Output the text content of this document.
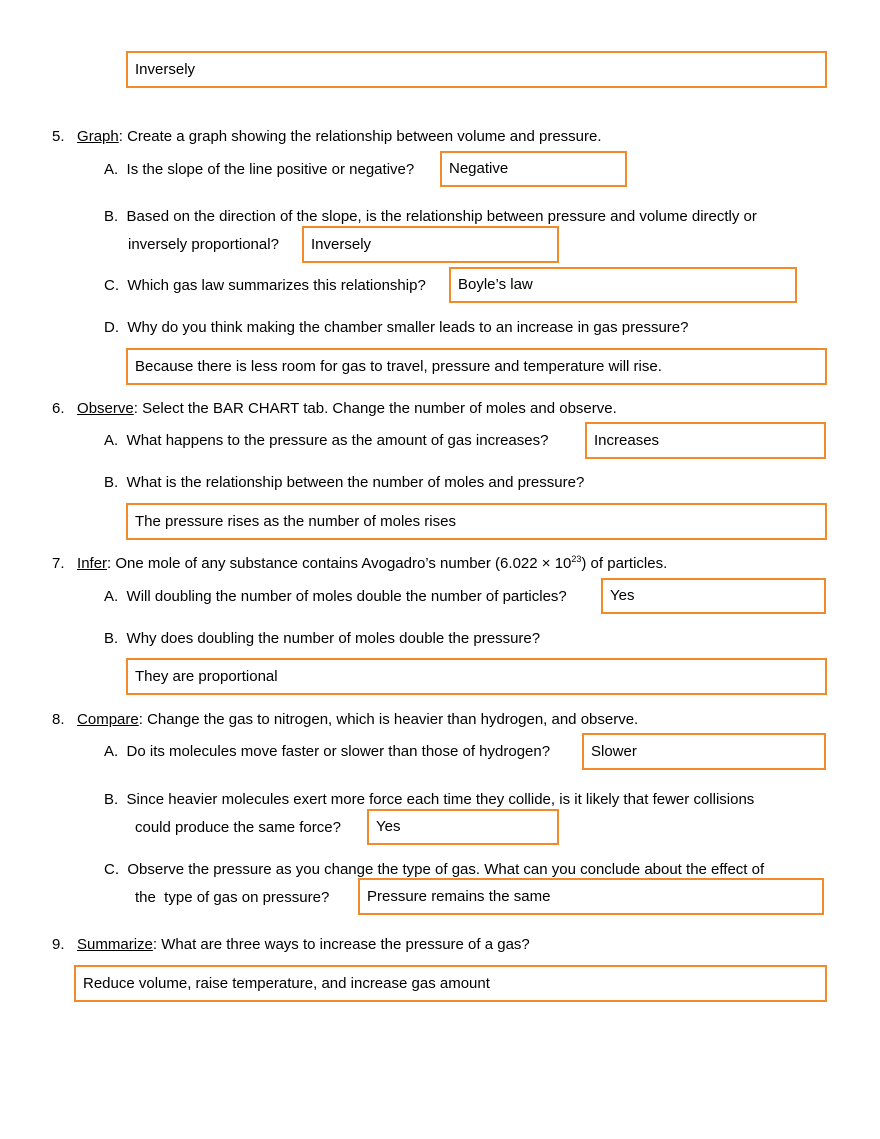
Inversely
5. Graph: Create a graph showing the relationship between volume and pressure.
A. Is the slope of the line positive or negative? Negative
B. Based on the direction of the slope, is the relationship between pressure and volume directly or
inversely proportional? Inversely
C. Which gas law summarizes this relationship? Boyle’s law
D. Why do you think making the chamber smaller leads to an increase in gas pressure?
Because there is less room for gas to travel, pressure and temperature will rise.
6. Observe: Select the BAR CHART tab. Change the number of moles and observe.
A. What happens to the pressure as the amount of gas increases?	Increases
B. What is the relationship between the number of moles and pressure?
The pressure rises as the number of moles rises
7. Infer: One mole of any substance contains Avogadro’s number $(6.022 \times 10^{23})$ of particles.
A. Will doubling the number of moles double the number of particles?	Yes
B. Why does doubling the number of moles double the pressure?
They are proportional
8. Compare: Change the gas to nitrogen, which is heavier than hydrogen, and observe.
A. Do its molecules move faster or slower than those of hydrogen?	Slower
B. Since heavier molecules exert more force each time they collide, is it likely that fewer collisions
could produce the same force? Yes
C. Observe the pressure as you change the type of gas. What can you conclude about the effect of
the  type of gas on pressure?	Pressure remains the same
9. Summarize: What are three ways to increase the pressure of a gas?
Reduce volume, raise temperature, and increase gas amount
